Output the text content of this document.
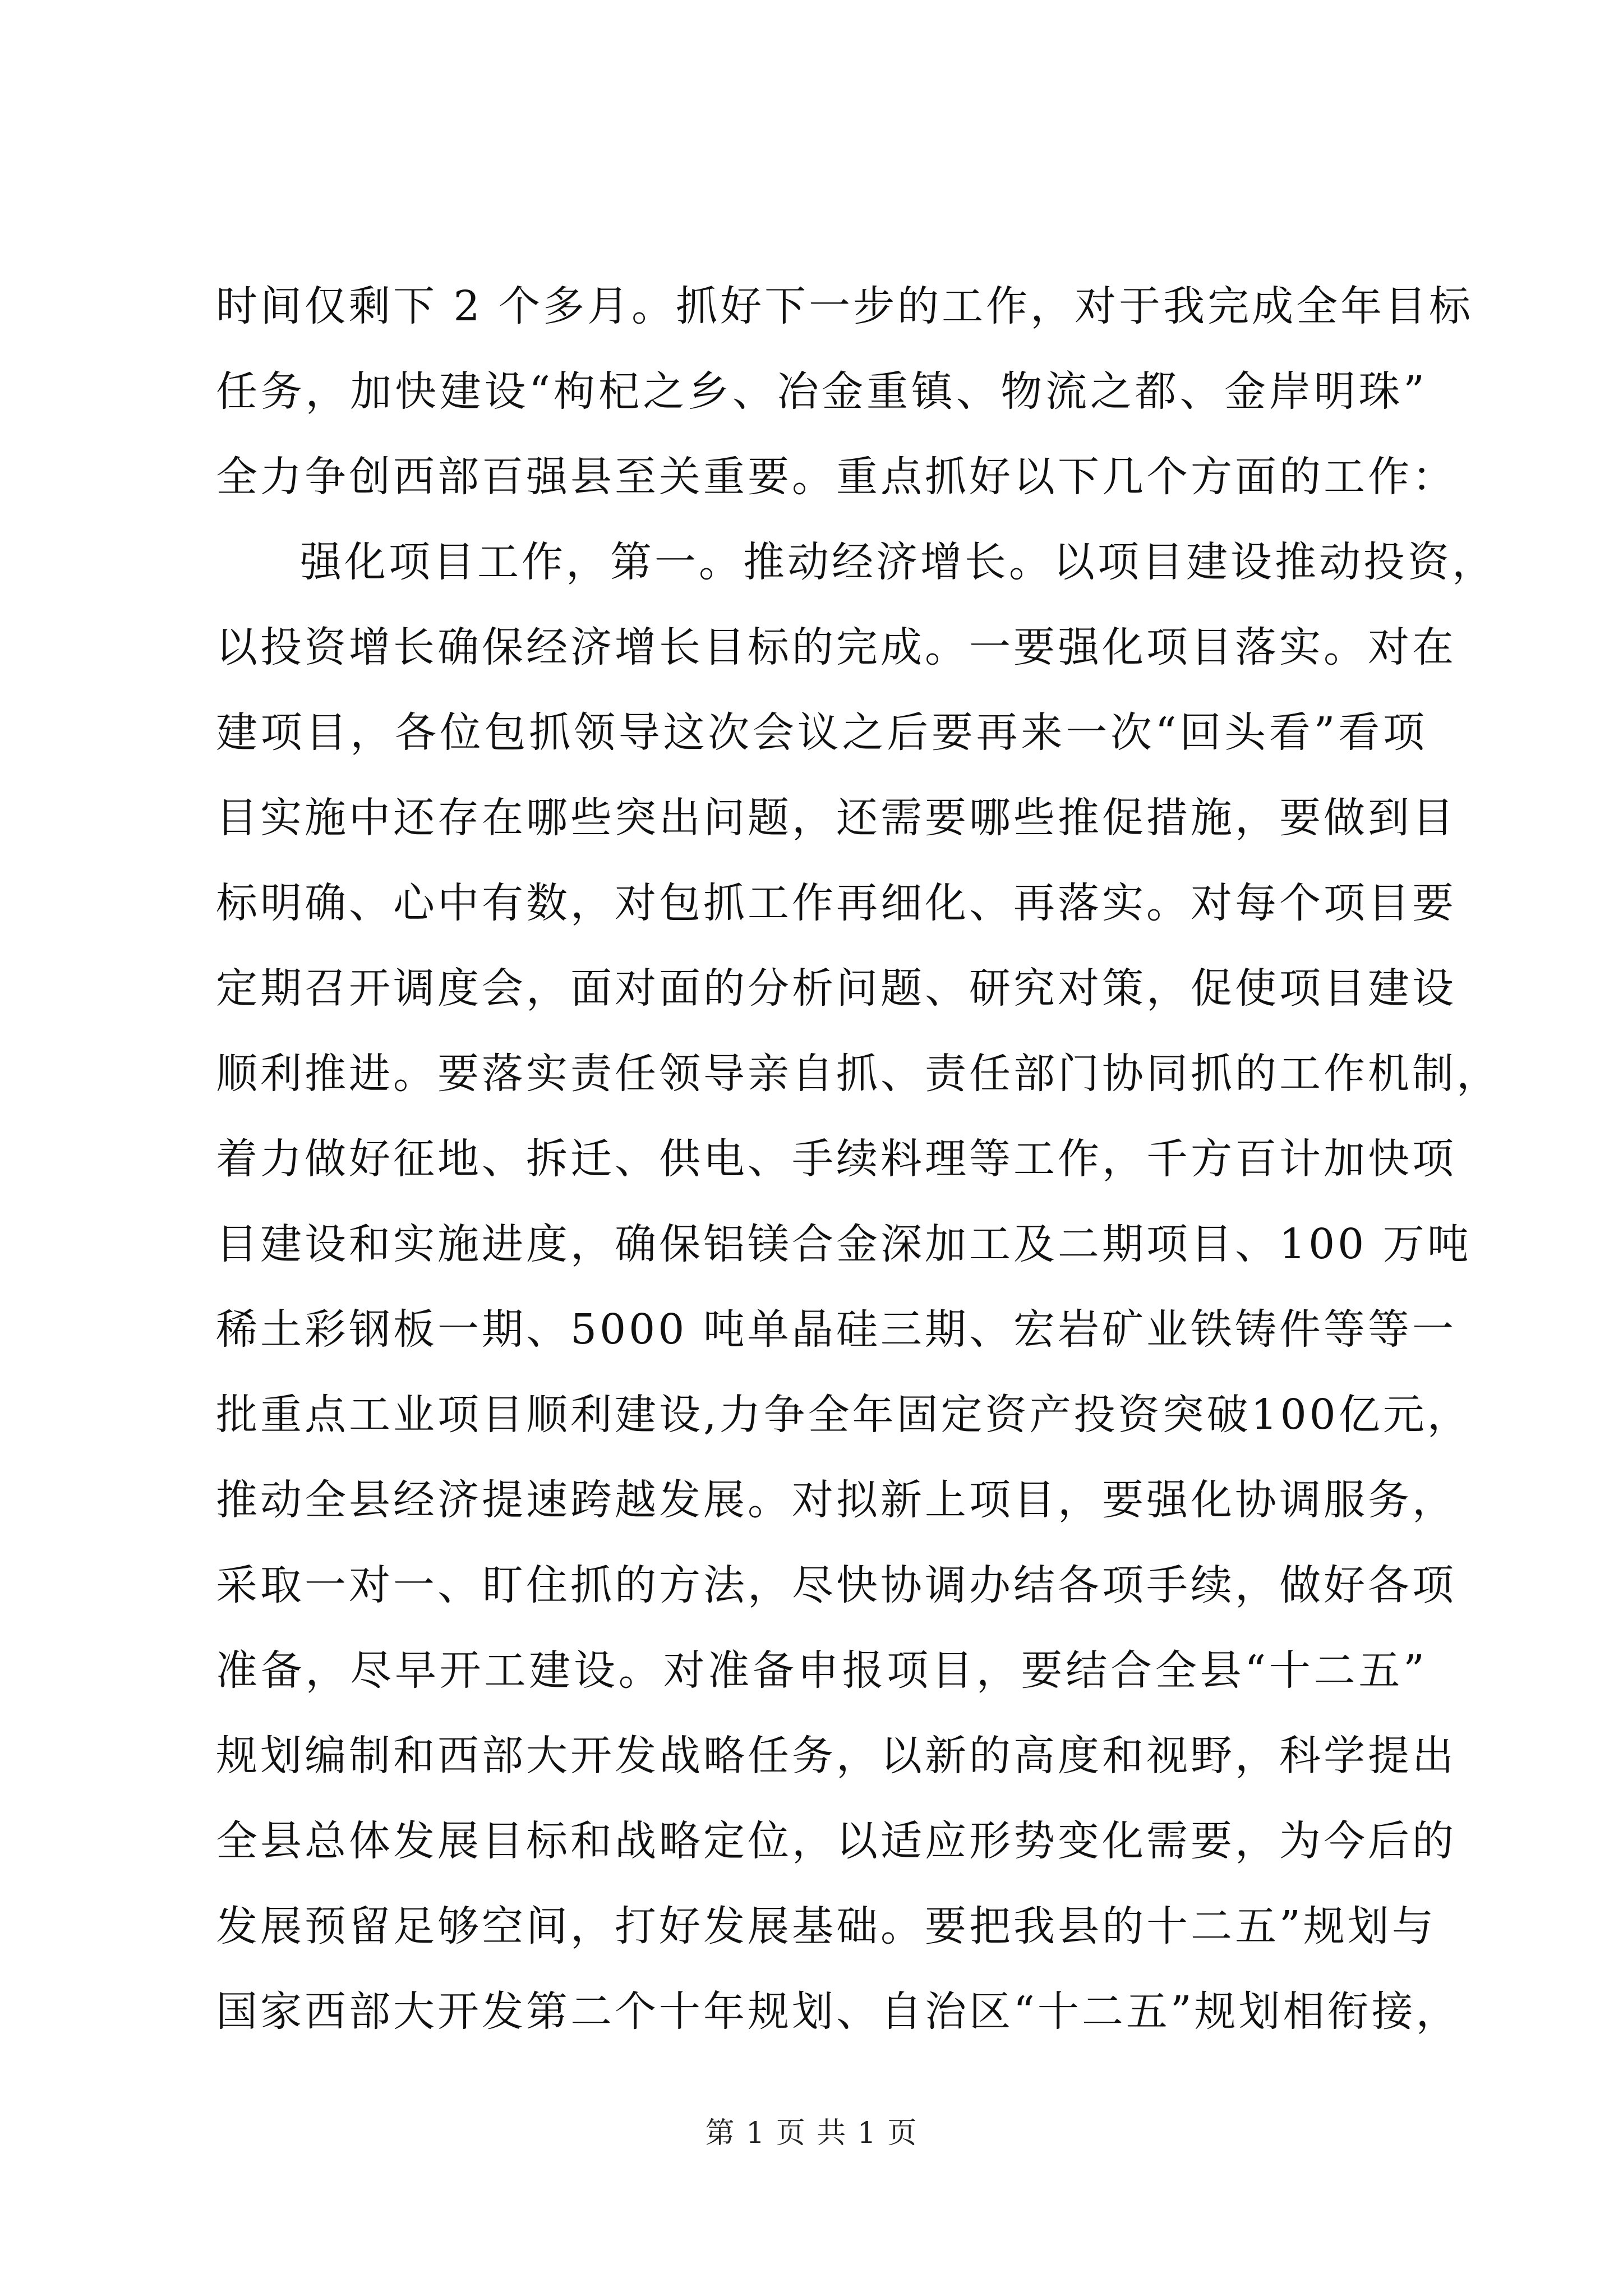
时间仅剩下 2 个多月。抓好下一步的工作，对于我完成全年目标
任务，加快建设“枸杞之乡、冶金重镇、物流之都、金岸明珠”
全力争创西部百强县至关重要。重点抓好以下几个方面的工作：
强化项目工作，第一。推动经济增长。以项目建设推动投资，
以投资增长确保经济增长目标的完成。一要强化项目落实。对在
建项目，各位包抓领导这次会议之后要再来一次“回头看”看项
目实施中还存在哪些突出问题，还需要哪些推促措施，要做到目
标明确、心中有数，对包抓工作再细化、再落实。对每个项目要
定期召开调度会，面对面的分析问题、研究对策，促使项目建设
顺利推进。要落实责任领导亲自抓、责任部门协同抓的工作机制，
着力做好征地、拆迁、供电、手续料理等工作，千方百计加快项
目建设和实施进度，确保铝镁合金深加工及二期项目、100 万吨
稀土彩钢板一期、5000 吨单晶硅三期、宏岩矿业铁铸件等等一
批重点工业项目顺利建设,力争全年固定资产投资突破100亿元，
推动全县经济提速跨越发展。对拟新上项目，要强化协调服务，
采取一对一、盯住抓的方法，尽快协调办结各项手续，做好各项
准备，尽早开工建设。对准备申报项目，要结合全县“十二五”
规划编制和西部大开发战略任务，以新的高度和视野，科学提出
全县总体发展目标和战略定位，以适应形势变化需要，为今后的
发展预留足够空间，打好发展基础。要把我县的十二五”规划与
国家西部大开发第二个十年规划、自治区“十二五”规划相衔接，
第 1 页 共 1 页
